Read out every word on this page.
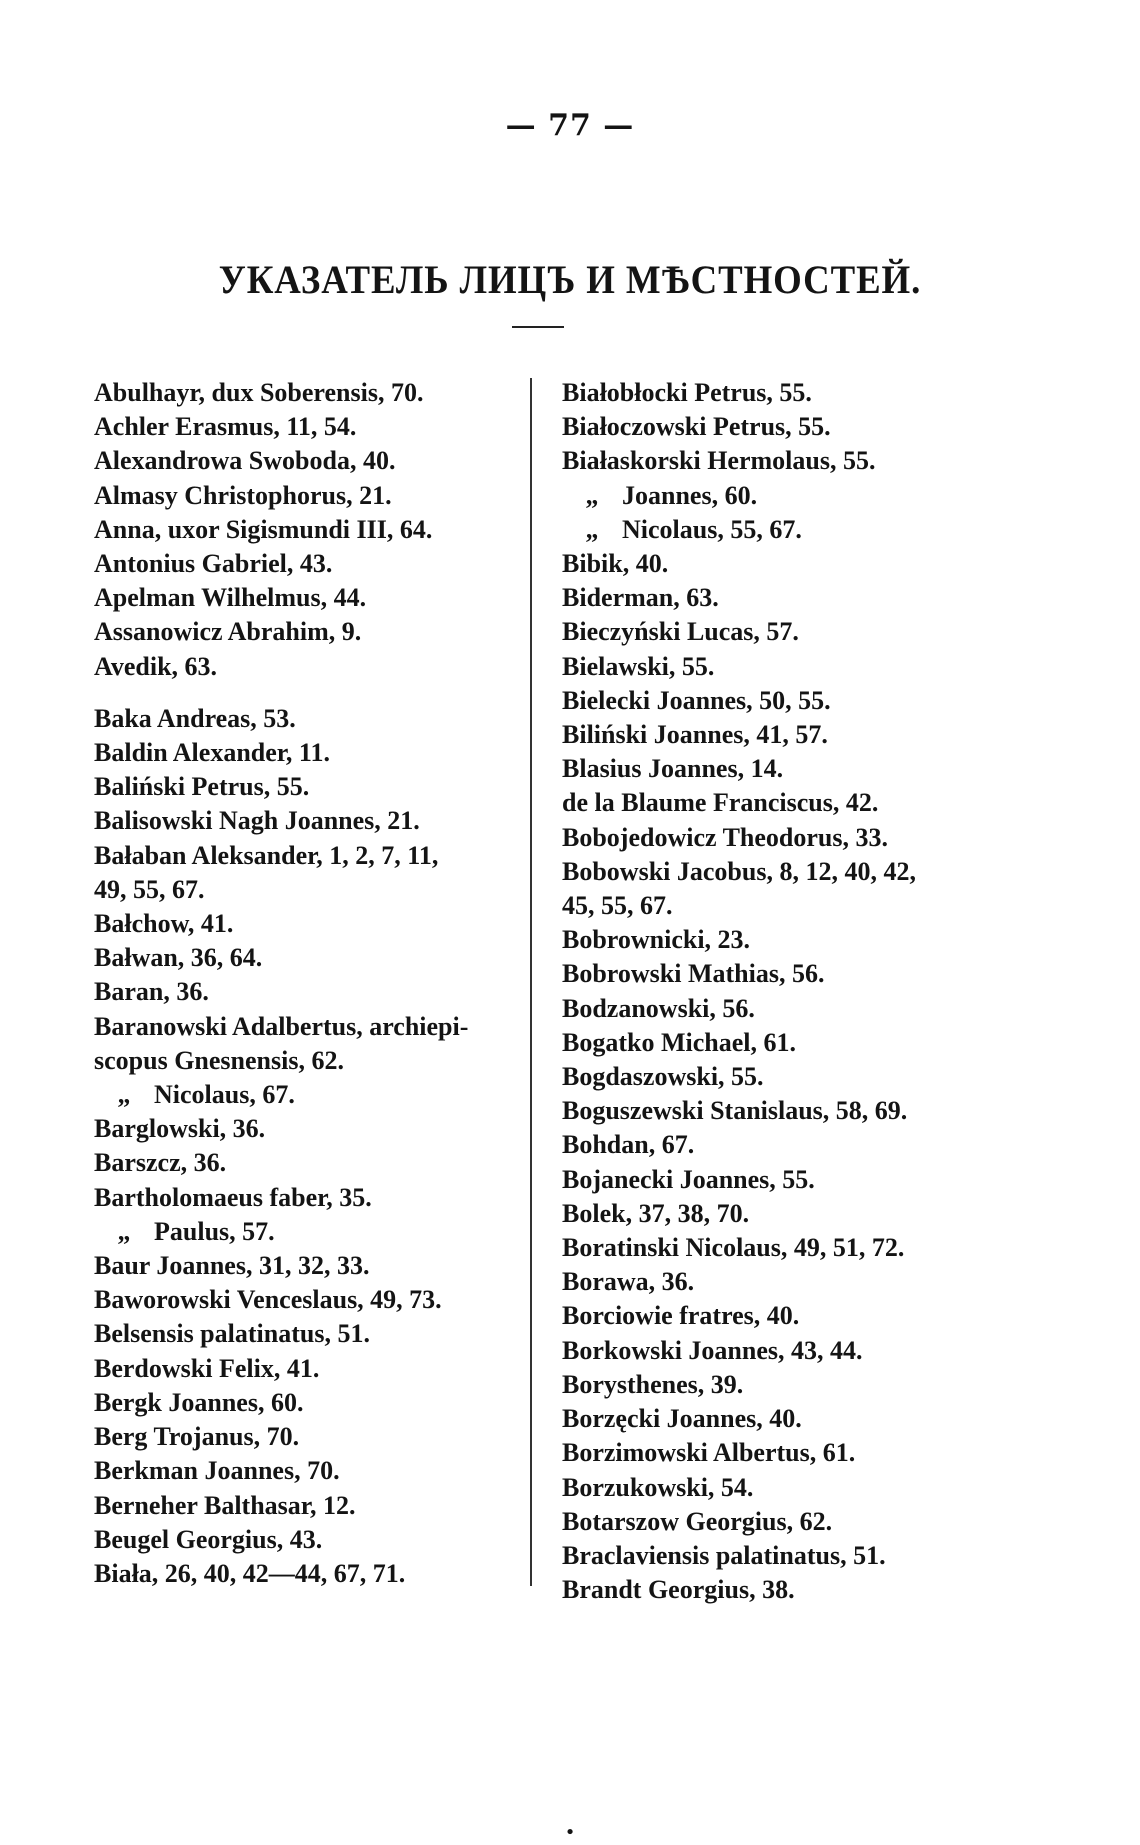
— 77 —
УКАЗАТЕЛЬ ЛИЦЪ И МѢСТНОСТЕЙ.
Abulhayr, dux Soberensis, 70.
Achler Erasmus, 11, 54.
Alexandrowa Swoboda, 40.
Almasy Christophorus, 21.
Anna, uxor Sigismundi III, 64.
Antonius Gabriel, 43.
Apelman Wilhelmus, 44.
Assanowicz Abrahim, 9.
Avedik, 63.
Baka Andreas, 53.
Baldin Alexander, 11.
Baliński Petrus, 55.
Balisowski Nagh Joannes, 21.
Bałaban Aleksander, 1, 2, 7, 11,
49, 55, 67.
Bałchow, 41.
Bałwan, 36, 64.
Baran, 36.
Baranowski Adalbertus, archiepi-
scopus Gnesnensis, 62.
„ Nicolaus, 67.
Barglowski, 36.
Barszcz, 36.
Bartholomaeus faber, 35.
„ Paulus, 57.
Baur Joannes, 31, 32, 33.
Baworowski Venceslaus, 49, 73.
Belsensis palatinatus, 51.
Berdowski Felix, 41.
Bergk Joannes, 60.
Berg Trojanus, 70.
Berkman Joannes, 70.
Berneher Balthasar, 12.
Beugel Georgius, 43.
Biała, 26, 40, 42—44, 67, 71.
Białobłocki Petrus, 55.
Białoczowski Petrus, 55.
Białaskorski Hermolaus, 55.
„ Joannes, 60.
„ Nicolaus, 55, 67.
Bibik, 40.
Biderman, 63.
Bieczyński Lucas, 57.
Bielawski, 55.
Bielecki Joannes, 50, 55.
Biliński Joannes, 41, 57.
Blasius Joannes, 14.
de la Blaume Franciscus, 42.
Bobojedowicz Theodorus, 33.
Bobowski Jacobus, 8, 12, 40, 42,
45, 55, 67.
Bobrownicki, 23.
Bobrowski Mathias, 56.
Bodzanowski, 56.
Bogatko Michael, 61.
Bogdaszowski, 55.
Boguszewski Stanislaus, 58, 69.
Bohdan, 67.
Bojanecki Joannes, 55.
Bolek, 37, 38, 70.
Boratinski Nicolaus, 49, 51, 72.
Borawa, 36.
Borciowie fratres, 40.
Borkowski Joannes, 43, 44.
Borysthenes, 39.
Borzęcki Joannes, 40.
Borzimowski Albertus, 61.
Borzukowski, 54.
Botarszow Georgius, 62.
Braclaviensis palatinatus, 51.
Brandt Georgius, 38.
•
